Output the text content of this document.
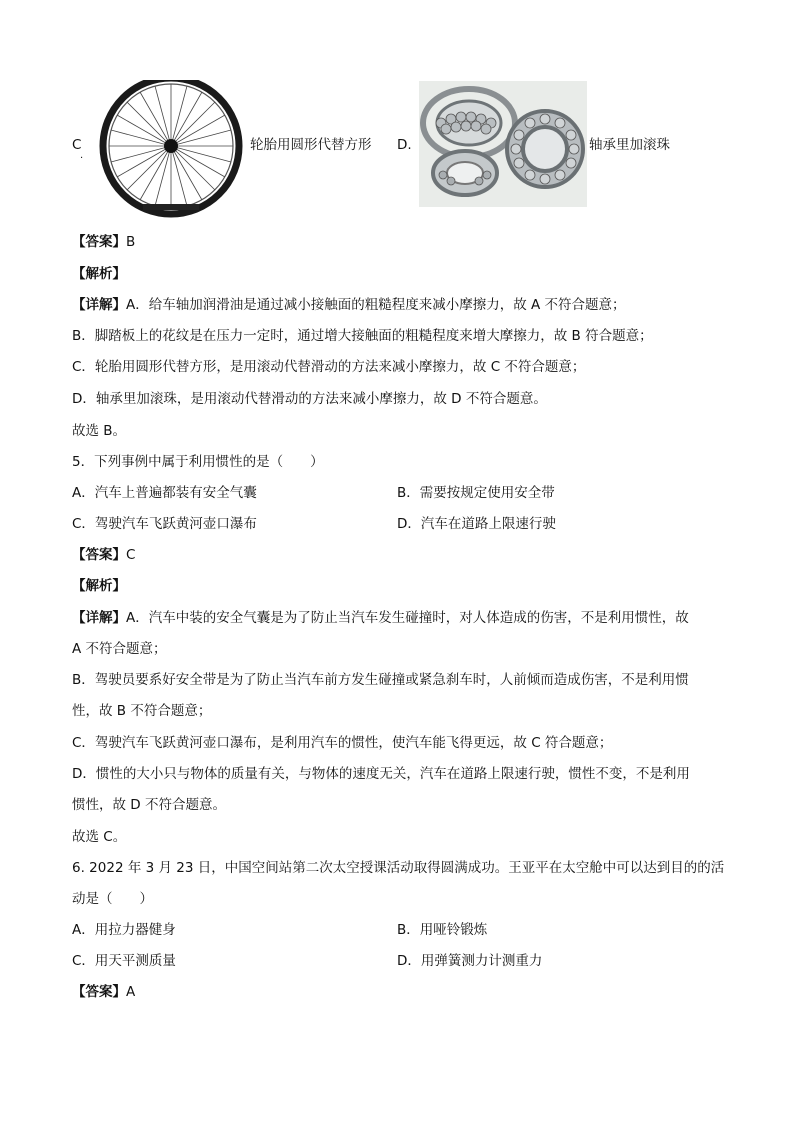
C
.
轮胎用圆形代替方形 D.	轴承里加滚珠
【答案】B
【解析】
【详解】A．给车轴加润滑油是通过减小接触面的粗糙程度来减小摩擦力，故 A 不符合题意；
B．脚踏板上的花纹是在压力一定时，通过增大接触面的粗糙程度来增大摩擦力，故 B 符合题意；
C．轮胎用圆形代替方形，是用滚动代替滑动的方法来减小摩擦力，故 C 不符合题意；
D．轴承里加滚珠，是用滚动代替滑动的方法来减小摩擦力，故 D 不符合题意。
故选 B。
5．下列事例中属于利用惯性的是（　　）
A．汽车上普遍都装有安全气囊	B．需要按规定使用安全带
C．驾驶汽车飞跃黄河壶口瀑布	D．汽车在道路上限速行驶
【答案】C
【解析】
【详解】A．汽车中装的安全气囊是为了防止当汽车发生碰撞时，对人体造成的伤害，不是利用惯性，故
A 不符合题意；
B．驾驶员要系好安全带是为了防止当汽车前方发生碰撞或紧急刹车时，人前倾而造成伤害，不是利用惯
性，故 B 不符合题意；
C．驾驶汽车飞跃黄河壶口瀑布，是利用汽车的惯性，使汽车能飞得更远，故 C 符合题意；
D．惯性的大小只与物体的质量有关，与物体的速度无关，汽车在道路上限速行驶，惯性不变，不是利用
惯性，故 D 不符合题意。
故选 C。
6. 2022 年 3 月 23 日，中国空间站第二次太空授课活动取得圆满成功。王亚平在太空舱中可以达到目的的活
动是（　　）
A．用拉力器健身	B．用哑铃锻炼
C．用天平测质量	D．用弹簧测力计测重力
【答案】A
